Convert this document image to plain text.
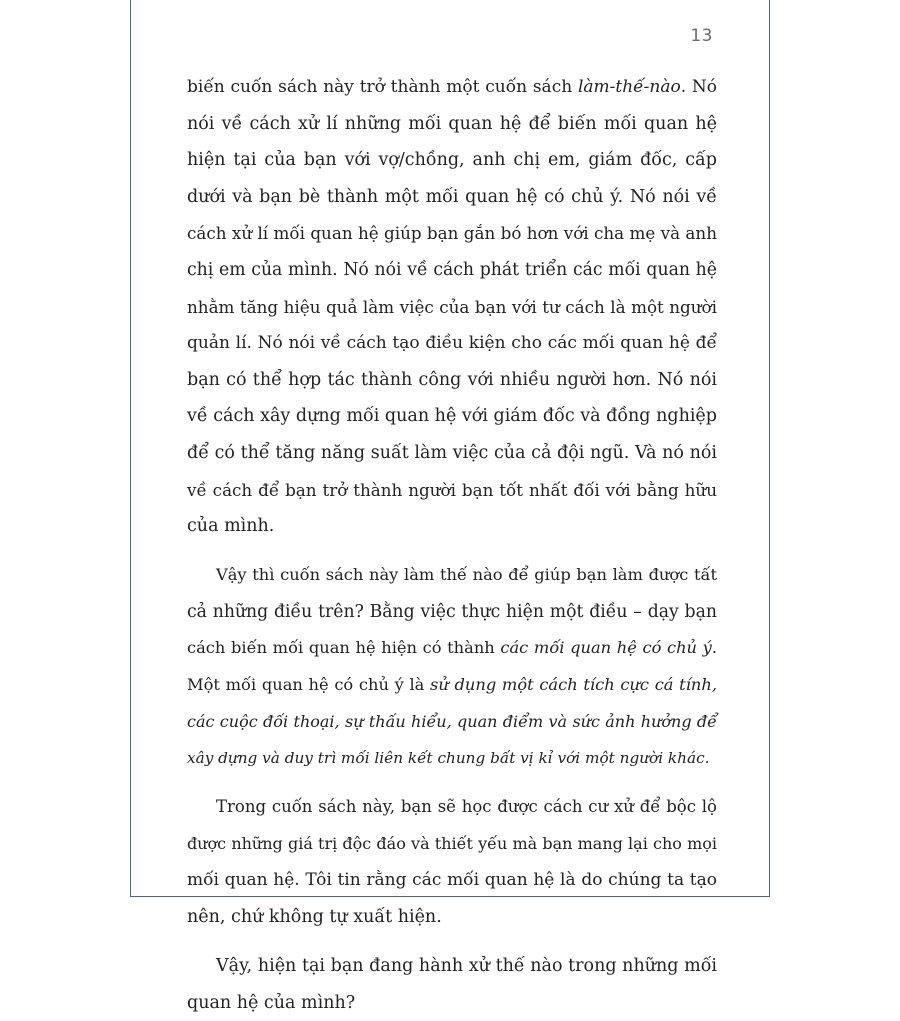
13
biến cuốn sách này trở thành một cuốn sách làm-thế-nào. Nó
nói về cách xử lí những mối quan hệ để biến mối quan hệ
hiện tại của bạn với vợ/chồng, anh chị em, giám đốc, cấp
dưới và bạn bè thành một mối quan hệ có chủ ý. Nó nói về
cách xử lí mối quan hệ giúp bạn gắn bó hơn với cha mẹ và anh
chị em của mình. Nó nói về cách phát triển các mối quan hệ
nhằm tăng hiệu quả làm việc của bạn với tư cách là một người
quản lí. Nó nói về cách tạo điều kiện cho các mối quan hệ để
bạn có thể hợp tác thành công với nhiều người hơn. Nó nói
về cách xây dựng mối quan hệ với giám đốc và đồng nghiệp
để có thể tăng năng suất làm việc của cả đội ngũ. Và nó nói
về cách để bạn trở thành người bạn tốt nhất đối với bằng hữu
của mình.
Vậy thì cuốn sách này làm thế nào để giúp bạn làm được tất
cả những điều trên? Bằng việc thực hiện một điều – dạy bạn
cách biến mối quan hệ hiện có thành các mối quan hệ có chủ ý.
Một mối quan hệ có chủ ý là sử dụng một cách tích cực cá tính,
các cuộc đối thoại, sự thấu hiểu, quan điểm và sức ảnh hưởng để
xây dựng và duy trì mối liên kết chung bất vị kỉ với một người khác.
Trong cuốn sách này, bạn sẽ học được cách cư xử để bộc lộ
được những giá trị độc đáo và thiết yếu mà bạn mang lại cho mọi
mối quan hệ. Tôi tin rằng các mối quan hệ là do chúng ta tạo
nên, chứ không tự xuất hiện.
Vậy, hiện tại bạn đang hành xử thế nào trong những mối
quan hệ của mình?
